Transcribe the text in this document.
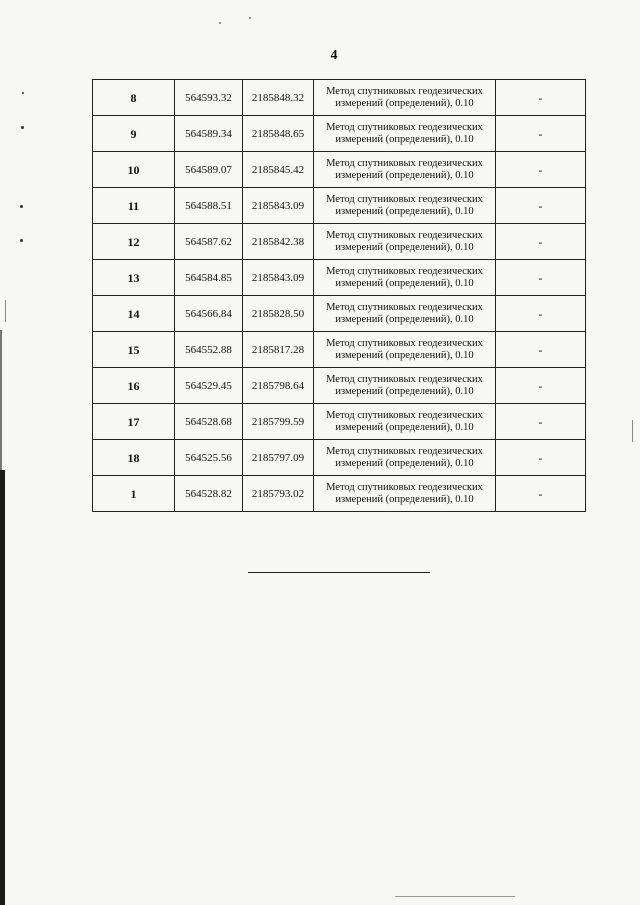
4
8	564593.32	2185848.32	Метод спутниковых геодезических
измерений (определений), 0.10	-
9	564589.34	2185848.65	Метод спутниковых геодезических
измерений (определений), 0.10	-
10	564589.07	2185845.42	Метод спутниковых геодезических
измерений (определений), 0.10	-
11	564588.51	2185843.09	Метод спутниковых геодезических
измерений (определений), 0.10	-
12	564587.62	2185842.38	Метод спутниковых геодезических
измерений (определений), 0.10	-
13	564584.85	2185843.09	Метод спутниковых геодезических
измерений (определений), 0.10	-
14	564566.84	2185828.50	Метод спутниковых геодезических
измерений (определений), 0.10	-
15	564552.88	2185817.28	Метод спутниковых геодезических
измерений (определений), 0.10	-
16	564529.45	2185798.64	Метод спутниковых геодезических
измерений (определений), 0.10	-
17	564528.68	2185799.59	Метод спутниковых геодезических
измерений (определений), 0.10	-
18	564525.56	2185797.09	Метод спутниковых геодезических
измерений (определений), 0.10	-
1	564528.82	2185793.02	Метод спутниковых геодезических
измерений (определений), 0.10	-
